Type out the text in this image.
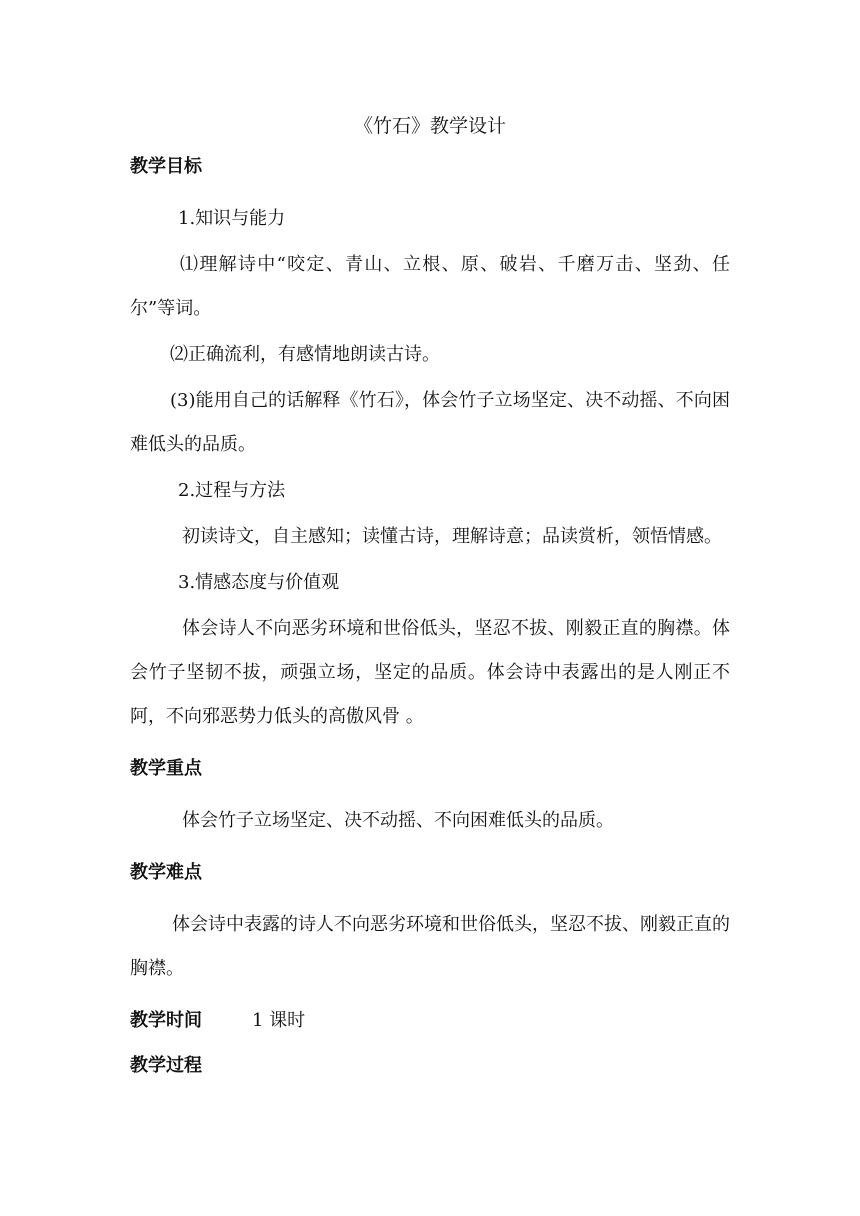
《竹石》教学设计
教学目标
1.知识与能力
⑴理解诗中“咬定、青山、立根、原、破岩、千磨万击、坚劲、任尔”等词。
⑵正确流利，有感情地朗读古诗。
(3)能用自己的话解释《竹石》，体会竹子立场坚定、决不动摇、不向困难低头的品质。
2.过程与方法
初读诗文，自主感知；读懂古诗，理解诗意；品读赏析，领悟情感。
3.情感态度与价值观
体会诗人不向恶劣环境和世俗低头，坚忍不拔、刚毅正直的胸襟。体会竹子坚韧不拔，顽强立场，坚定的品质。体会诗中表露出的是人刚正不阿，不向邪恶势力低头的高傲风骨 。
教学重点
体会竹子立场坚定、决不动摇、不向困难低头的品质。
教学难点
体会诗中表露的诗人不向恶劣环境和世俗低头，坚忍不拔、刚毅正直的胸襟。
教学时间	1 课时
教学过程
